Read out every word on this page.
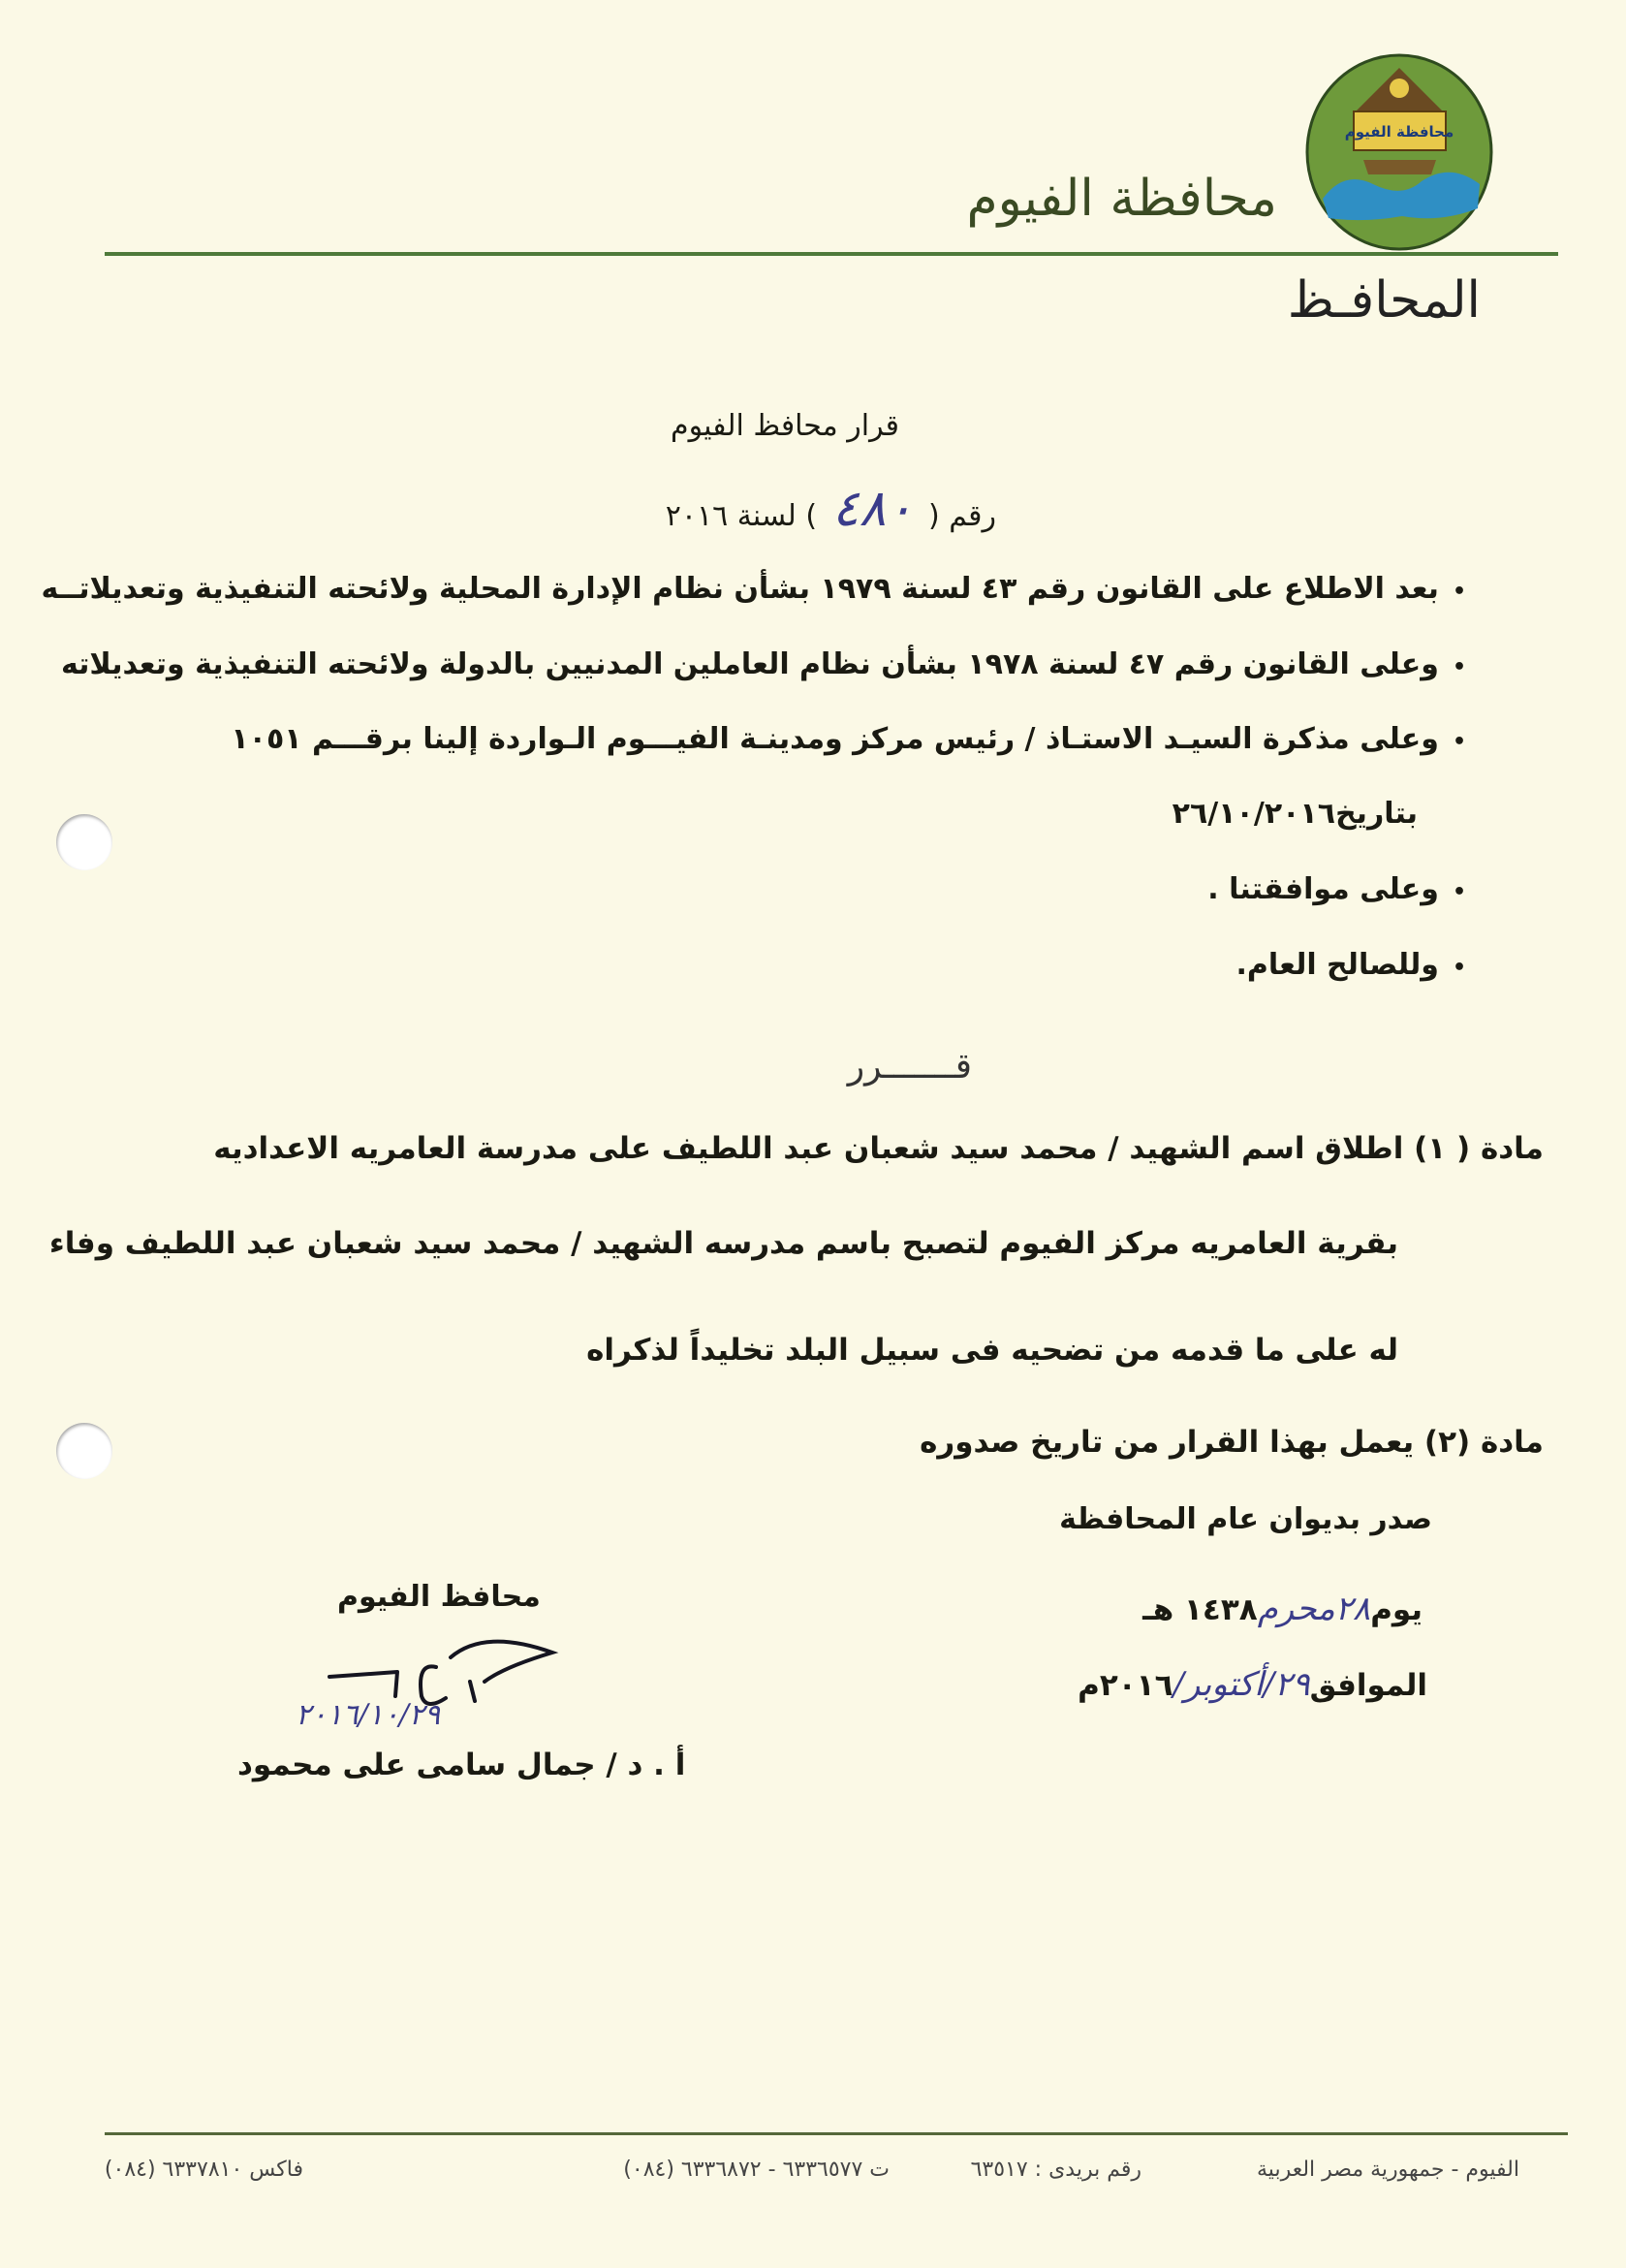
محافظة الفيوم
محافظة الفيوم
المحافـظ
قرار محافظ الفيوم
رقم ( ٤٨٠ ) لسنة ٢٠١٦
•بعد الاطلاع على القانون رقم ٤٣ لسنة ١٩٧٩ بشأن نظام الإدارة المحلية ولائحته التنفيذية وتعديلاتــه
•وعلى القانون رقم ٤٧ لسنة ١٩٧٨ بشأن نظام العاملين المدنيين بالدولة ولائحته التنفيذية وتعديلاته
•وعلى مذكرة السيـد الاستـاذ / رئيس مركز ومدينـة الفيـــوم الـواردة إلينا برقـــم ١٠٥١
بتاريخ٢٦/١٠/٢٠١٦
•وعلى موافقتنا .
•وللصالح العام.
قـــــــرر
مادة ( ١) اطلاق اسم الشهيد / محمد سيد شعبان عبد اللطيف على مدرسة العامريه الاعداديه
بقرية العامريه مركز الفيوم لتصبح باسم مدرسه الشهيد / محمد سيد شعبان عبد اللطيف وفاء
له على ما قدمه من تضحيه فى سبيل البلد تخليداً لذكراه
مادة (٢) يعمل بهذا القرار من تاريخ صدوره
صدر بديوان عام المحافظة
يوم٢٨محرم١٤٣٨ هـ
الموافق٢٩/أكتوبر/٢٠١٦م
محافظ الفيوم
٢٠١٦/١٠/٢٩
أ . د / جمال سامى على محمود
الفيوم - جمهورية مصر العربية
رقم بريدى : ٦٣٥١٧
ت ٦٣٣٦٥٧٧ - ٦٣٣٦٨٧٢ (٠٨٤)
فاكس ٦٣٣٧٨١٠ (٠٨٤)
